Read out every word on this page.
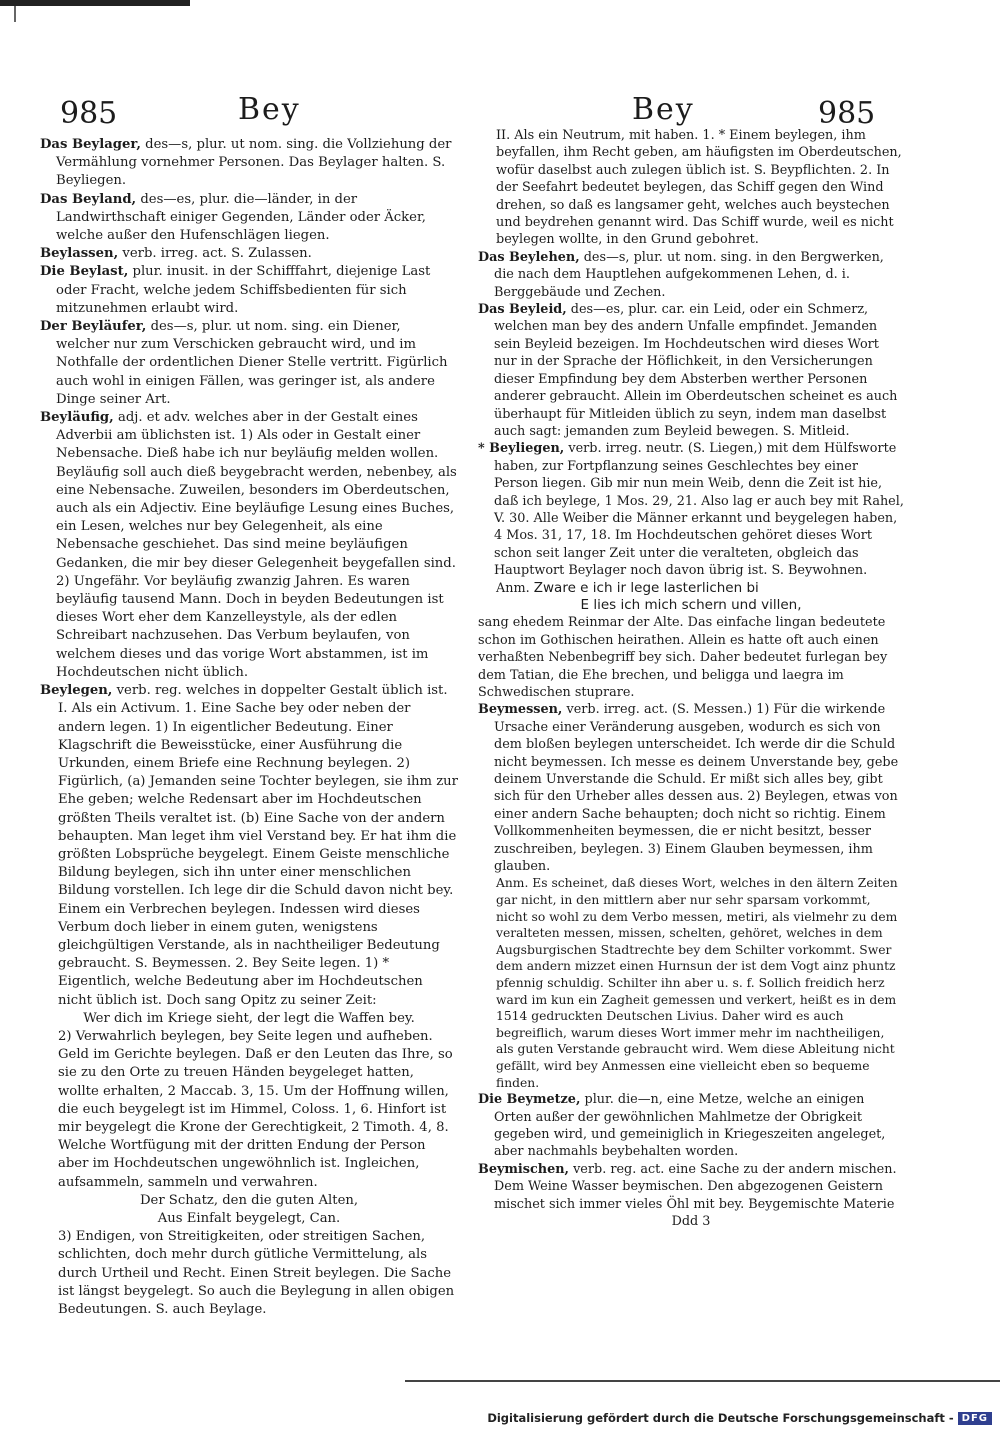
985	Bey	Bey	985

Das Beylager, des—s, plur. ut nom. sing. die Vollziehung der Vermählung vornehmer Personen. Das Beylager halten. S. Beyliegen.

Das Beyland, des—es, plur. die—länder, in der Landwirthschaft einiger Gegenden, Länder oder Äcker, welche außer den Hufenschlägen liegen.

Beylassen, verb. irreg. act. S. Zulassen.

Die Beylast, plur. inusit. in der Schifffahrt, diejenige Last oder Fracht, welche jedem Schiffsbedienten für sich mitzunehmen erlaubt wird.

Der Beyläufer, des—s, plur. ut nom. sing. ein Diener, welcher nur zum Verschicken gebraucht wird, und im Nothfalle der ordentlichen Diener Stelle vertritt. Figürlich auch wohl in einigen Fällen, was geringer ist, als andere Dinge seiner Art.

Beyläufig, adj. et adv. welches aber in der Gestalt eines Adverbii am üblichsten ist. 1) Als oder in Gestalt einer Nebensache. Dieß habe ich nur beyläufig melden wollen. Beyläufig soll auch dieß beygebracht werden, nebenbey, als eine Nebensache. Zuweilen, besonders im Oberdeutschen, auch als ein Adjectiv. Eine beyläufige Lesung eines Buches, ein Lesen, welches nur bey Gelegenheit, als eine Nebensache geschiehet. Das sind meine beyläufigen Gedanken, die mir bey dieser Gelegenheit beygefallen sind. 2) Ungefähr. Vor beyläufig zwanzig Jahren. Es waren beyläufig tausend Mann. Doch in beyden Bedeutungen ist dieses Wort eher dem Kanzelleystyle, als der edlen Schreibart nachzusehen. Das Verbum beylaufen, von welchem dieses und das vorige Wort abstammen, ist im Hochdeutschen nicht üblich.

Beylegen, verb. reg. welches in doppelter Gestalt üblich ist.

I. Als ein Activum. 1. Eine Sache bey oder neben der andern legen. 1) In eigentlicher Bedeutung. Einer Klagschrift die Beweisstücke, einer Ausführung die Urkunden, einem Briefe eine Rechnung beylegen. 2) Figürlich, (a) Jemanden seine Tochter beylegen, sie ihm zur Ehe geben; welche Redensart aber im Hochdeutschen größten Theils veraltet ist. (b) Eine Sache von der andern behaupten. Man leget ihm viel Verstand bey. Er hat ihm die größten Lobsprüche beygelegt. Einem Geiste menschliche Bildung beylegen, sich ihn unter einer menschlichen Bildung vorstellen. Ich lege dir die Schuld davon nicht bey. Einem ein Verbrechen beylegen. Indessen wird dieses Verbum doch lieber in einem guten, wenigstens gleichgültigen Verstande, als in nachtheiliger Bedeutung gebraucht. S. Beymessen. 2. Bey Seite legen. 1) * Eigentlich, welche Bedeutung aber im Hochdeutschen nicht üblich ist. Doch sang Opitz zu seiner Zeit:

Wer dich im Kriege sieht, der legt die Waffen bey.

2) Verwahrlich beylegen, bey Seite legen und aufheben. Geld im Gerichte beylegen. Daß er den Leuten das Ihre, so sie zu den Orte zu treuen Händen beygeleget hatten, wollte erhalten, 2 Maccab. 3, 15. Um der Hoffnung willen, die euch beygelegt ist im Himmel, Coloss. 1, 6. Hinfort ist mir beygelegt die Krone der Gerechtigkeit, 2 Timoth. 4, 8. Welche Wortfügung mit der dritten Endung der Person aber im Hochdeutschen ungewöhnlich ist. Ingleichen, aufsammeln, sammeln und verwahren.

Der Schatz, den die guten Alten,

Aus Einfalt beygelegt, Can.

3) Endigen, von Streitigkeiten, oder streitigen Sachen, schlichten, doch mehr durch gütliche Vermittelung, als durch Urtheil und Recht. Einen Streit beylegen. Die Sache ist längst beygelegt. So auch die Beylegung in allen obigen Bedeutungen. S. auch Beylage.

II. Als ein Neutrum, mit haben. 1. * Einem beylegen, ihm beyfallen, ihm Recht geben, am häufigsten im Oberdeutschen, wofür daselbst auch zulegen üblich ist. S. Beypflichten. 2. In der Seefahrt bedeutet beylegen, das Schiff gegen den Wind drehen, so daß es langsamer geht, welches auch beystechen und beydrehen genannt wird. Das Schiff wurde, weil es nicht beylegen wollte, in den Grund gebohret.

Das Beylehen, des—s, plur. ut nom. sing. in den Bergwerken, die nach dem Hauptlehen aufgekommenen Lehen, d. i. Berggebäude und Zechen.

Das Beyleid, des—es, plur. car. ein Leid, oder ein Schmerz, welchen man bey des andern Unfalle empfindet. Jemanden sein Beyleid bezeigen. Im Hochdeutschen wird dieses Wort nur in der Sprache der Höflichkeit, in den Versicherungen dieser Empfindung bey dem Absterben werther Personen anderer gebraucht. Allein im Oberdeutschen scheinet es auch überhaupt für Mitleiden üblich zu seyn, indem man daselbst auch sagt: jemanden zum Beyleid bewegen. S. Mitleid.

* Beyliegen, verb. irreg. neutr. (S. Liegen,) mit dem Hülfsworte haben, zur Fortpflanzung seines Geschlechtes bey einer Person liegen. Gib mir nun mein Weib, denn die Zeit ist hie, daß ich beylege, 1 Mos. 29, 21. Also lag er auch bey mit Rahel, V. 30. Alle Weiber die Männer erkannt und beygelegen haben, 4 Mos. 31, 17, 18. Im Hochdeutschen gehöret dieses Wort schon seit langer Zeit unter die veralteten, obgleich das Hauptwort Beylager noch davon übrig ist. S. Beywohnen.

Anm. Zware e ich ir lege lasterlichen bi

E lies ich mich schern und villen,

sang ehedem Reinmar der Alte. Das einfache lingan bedeutete schon im Gothischen heirathen. Allein es hatte oft auch einen verhaßten Nebenbegriff bey sich. Daher bedeutet furlegan bey dem Tatian, die Ehe brechen, und beligga und laegra im Schwedischen stuprare.

Beymessen, verb. irreg. act. (S. Messen.) 1) Für die wirkende Ursache einer Veränderung ausgeben, wodurch es sich von dem bloßen beylegen unterscheidet. Ich werde dir die Schuld nicht beymessen. Ich messe es deinem Unverstande bey, gebe deinem Unverstande die Schuld. Er mißt sich alles bey, gibt sich für den Urheber alles dessen aus. 2) Beylegen, etwas von einer andern Sache behaupten; doch nicht so richtig. Einem Vollkommenheiten beymessen, die er nicht besitzt, besser zuschreiben, beylegen. 3) Einem Glauben beymessen, ihm glauben.

Anm. Es scheinet, daß dieses Wort, welches in den ältern Zeiten gar nicht, in den mittlern aber nur sehr sparsam vorkommt, nicht so wohl zu dem Verbo messen, metiri, als vielmehr zu dem veralteten messen, missen, schelten, gehöret, welches in dem Augsburgischen Stadtrechte bey dem Schilter vorkommt. Swer dem andern mizzet einen Hurnsun der ist dem Vogt ainz phuntz pfennig schuldig. Schilter ihn aber u. s. f. Sollich freidich herz ward im kun ein Zagheit gemessen und verkert, heißt es in dem 1514 gedruckten Deutschen Livius. Daher wird es auch begreiflich, warum dieses Wort immer mehr im nachtheiligen, als guten Verstande gebraucht wird. Wem diese Ableitung nicht gefällt, wird bey Anmessen eine vielleicht eben so bequeme finden.

Die Beymetze, plur. die—n, eine Metze, welche an einigen Orten außer der gewöhnlichen Mahlmetze der Obrigkeit gegeben wird, und gemeiniglich in Kriegeszeiten angeleget, aber nachmahls beybehalten worden.

Beymischen, verb. reg. act. eine Sache zu der andern mischen. Dem Weine Wasser beymischen. Den abgezogenen Geistern mischet sich immer vieles Öhl mit bey. Beygemischte Materie

Ddd 3

Digitalisierung gefördert durch die Deutsche Forschungsgemeinschaft - DFG
